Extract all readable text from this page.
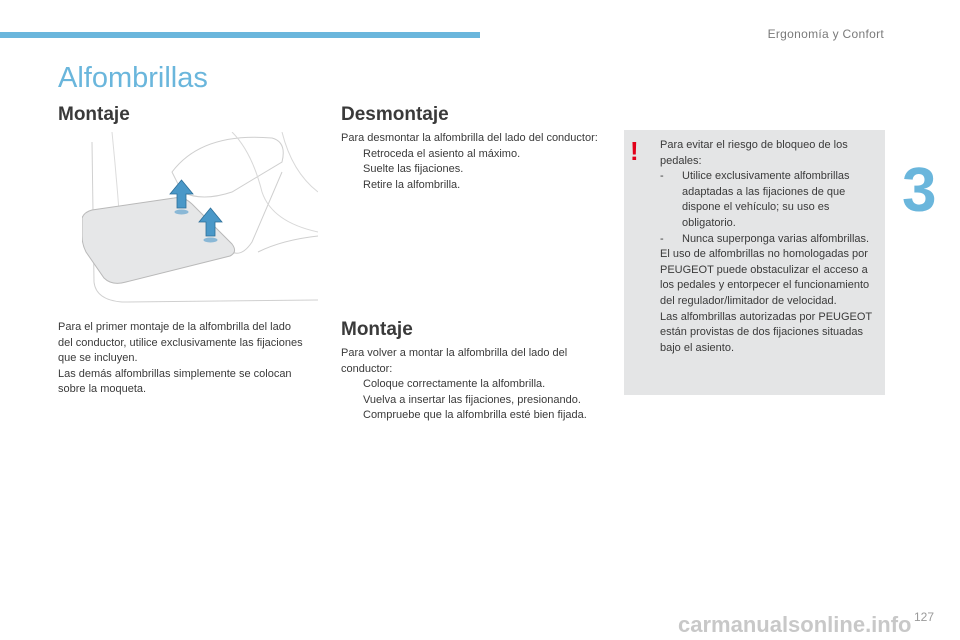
Ergonomía y Confort
3
Alfombrillas
Montaje	Desmontaje
Montaje

Para el primer montaje de la alfombrilla del lado del conductor, utilice exclusivamente las fijaciones que se incluyen.

Las demás alfombrillas simplemente se colocan sobre la moqueta.

Para desmontar la alfombrilla del lado del conductor:

Retroceda el asiento al máximo.
Suelte las fijaciones.
Retire la alfombrilla.

Para volver a montar la alfombrilla del lado del conductor:

Coloque correctamente la alfombrilla.
Vuelva a insertar las fijaciones, presionando.
Compruebe que la alfombrilla esté bien fijada.

Para evitar el riesgo de bloqueo de los pedales:

-	Utilice exclusivamente alfombrillas adaptadas a las fijaciones de que dispone el vehículo; su uso es obligatorio.
-	Nunca superponga varias alfombrillas.

El uso de alfombrillas no homologadas por PEUGEOT puede obstaculizar el acceso a los pedales y entorpecer el funcionamiento del regulador/limitador de velocidad.

Las alfombrillas autorizadas por PEUGEOT están provistas de dos fijaciones situadas bajo el asiento.

!
127
carmanualsonline.info
